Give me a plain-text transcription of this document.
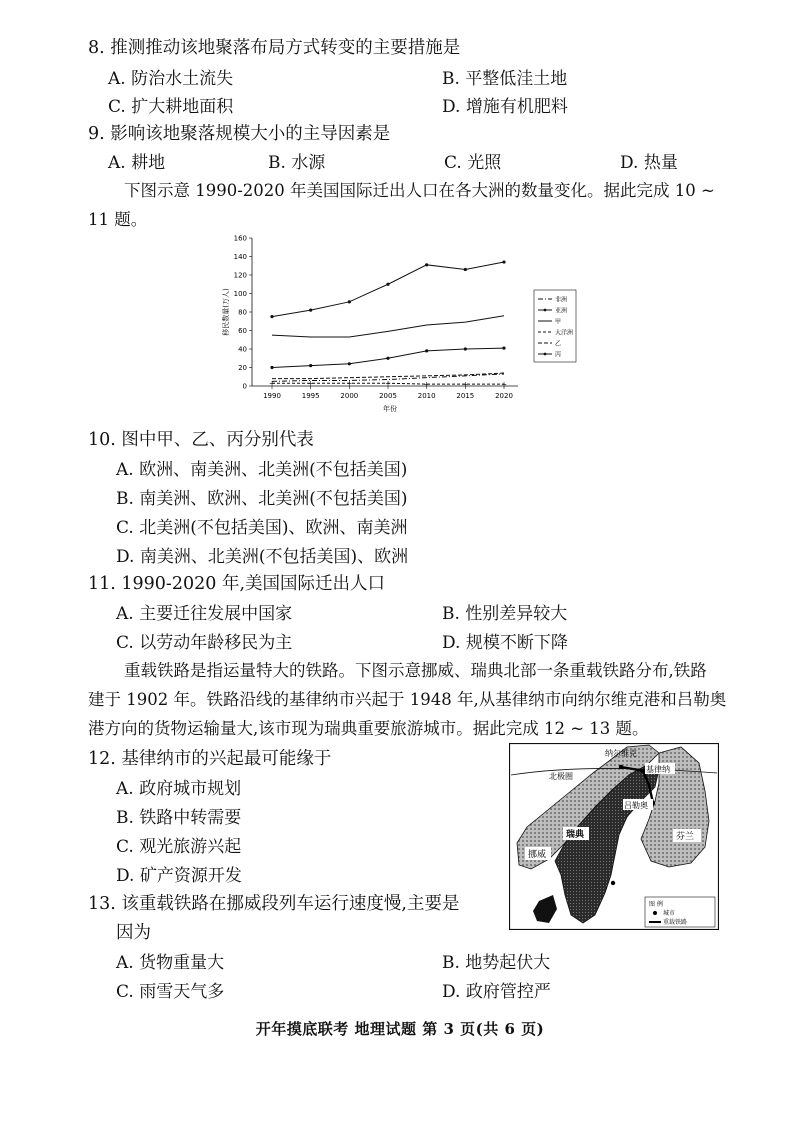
8. 推测推动该地聚落布局方式转变的主要措施是
A. 防治水土流失	B. 平整低洼土地
C. 扩大耕地面积	D. 增施有机肥料
9. 影响该地聚落规模大小的主导因素是
A. 耕地	B. 水源	C. 光照	D. 热量
下图示意 1990-2020 年美国国际迁出人口在各大洲的数量变化。据此完成 10 ~
11 题。
0
20
40
60
80
100
120
140
160
1990	1995	2000	2005	2010	2015	2020
+	+	+	+	+	+	+
非洲
亚洲
甲
大洋洲
乙
丙
移民数量(万人)
年份
10. 图中甲、乙、丙分别代表
A. 欧洲、南美洲、北美洲(不包括美国)
B. 南美洲、欧洲、北美洲(不包括美国)
C. 北美洲(不包括美国)、欧洲、南美洲
D. 南美洲、北美洲(不包括美国)、欧洲
11. 1990-2020 年,美国国际迁出人口
A. 主要迁往发展中国家	B. 性别差异较大
C. 以劳动年龄移民为主	D. 规模不断下降
重载铁路是指运量特大的铁路。下图示意挪威、瑞典北部一条重载铁路分布,铁路
建于 1902 年。铁路沿线的基律纳市兴起于 1948 年,从基律纳市向纳尔维克港和吕勒奥
港方向的货物运输量大,该市现为瑞典重要旅游城市。据此完成 12 ~ 13 题。
12. 基律纳市的兴起最可能缘于
A. 政府城市规划
B. 铁路中转需要
C. 观光旅游兴起
D. 矿产资源开发
纳尔维克
北极圈
基律纳
吕勒奥
瑞典
挪威
芬兰
斯德哥尔摩
图 例
城市
重载铁路
13. 该重载铁路在挪威段列车运行速度慢,主要是
因为
A. 货物重量大	B. 地势起伏大
C. 雨雪天气多	D. 政府管控严
开年摸底联考 地理试题 第 3 页(共 6 页)
